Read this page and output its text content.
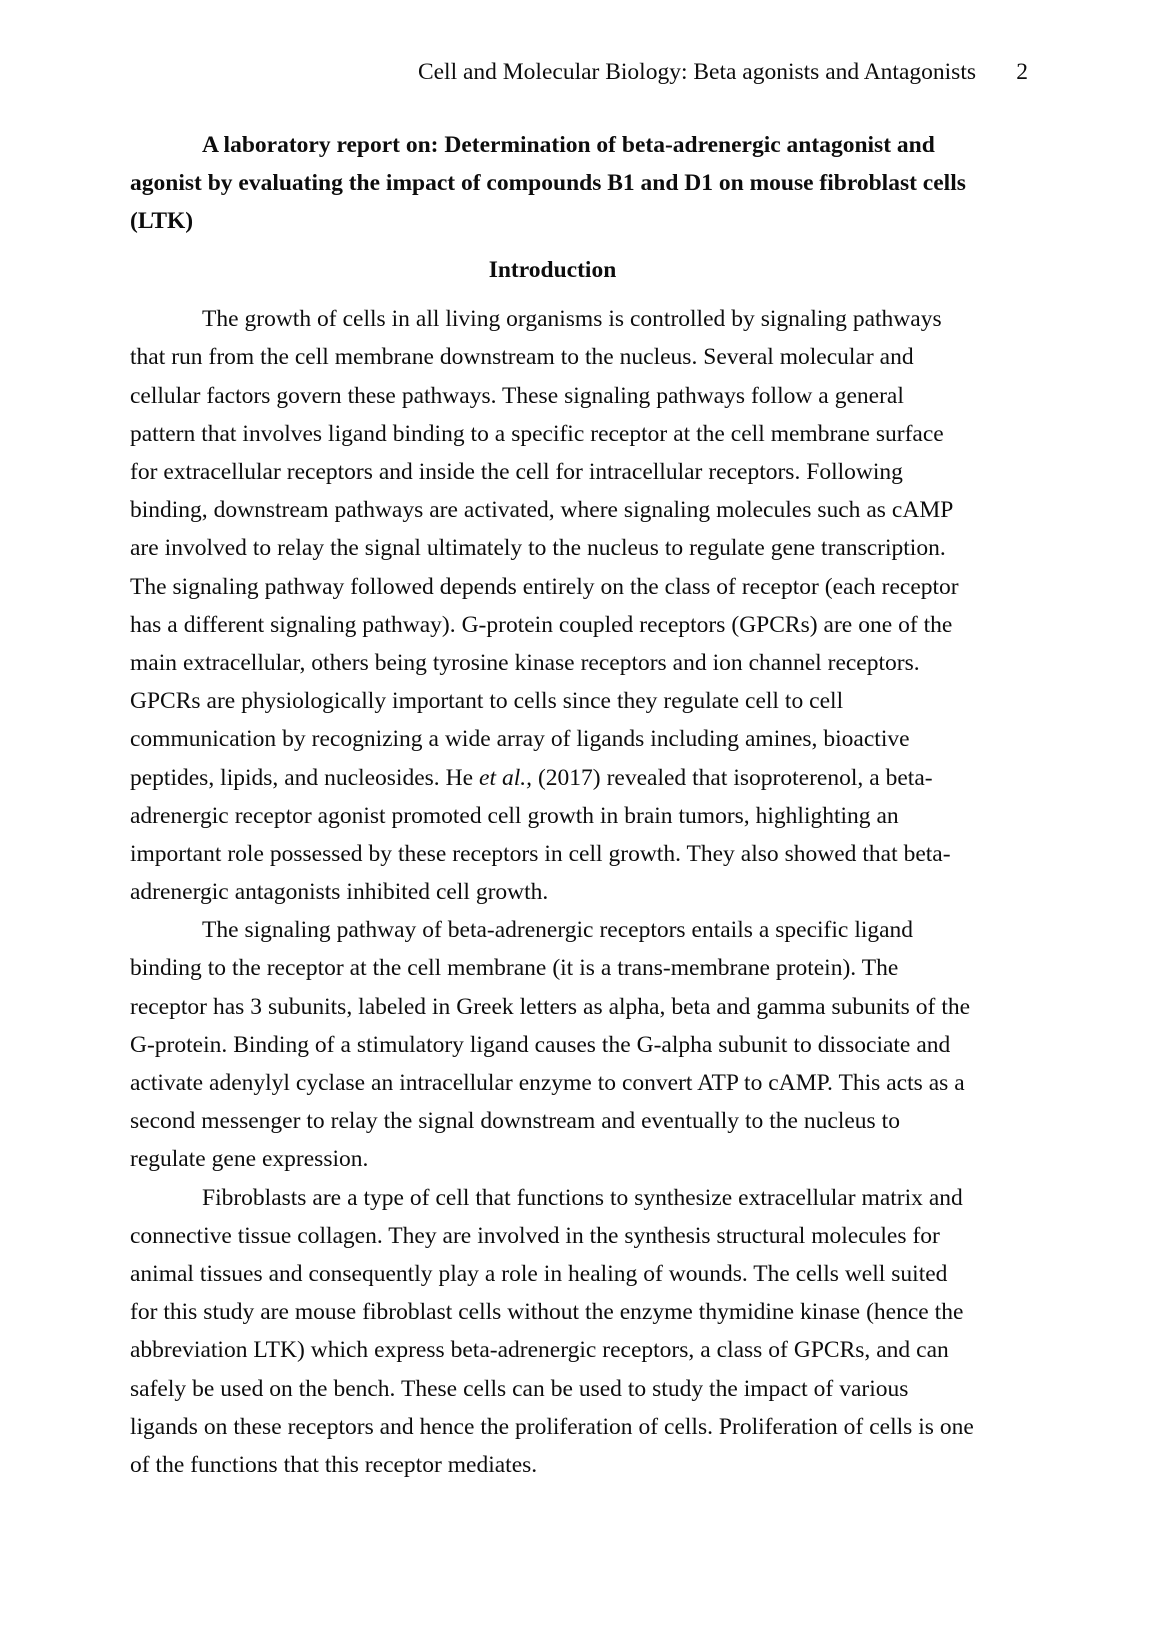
Cell and Molecular Biology: Beta agonists and Antagonists 2

A laboratory report on: Determination of beta-adrenergic antagonist and agonist by evaluating the impact of compounds B1 and D1 on mouse fibroblast cells (LTK)

Introduction

The growth of cells in all living organisms is controlled by signaling pathways that run from the cell membrane downstream to the nucleus. Several molecular and cellular factors govern these pathways. These signaling pathways follow a general pattern that involves ligand binding to a specific receptor at the cell membrane surface for extracellular receptors and inside the cell for intracellular receptors. Following binding, downstream pathways are activated, where signaling molecules such as cAMP are involved to relay the signal ultimately to the nucleus to regulate gene transcription. The signaling pathway followed depends entirely on the class of receptor (each receptor has a different signaling pathway). G-protein coupled receptors (GPCRs) are one of the main extracellular, others being tyrosine kinase receptors and ion channel receptors. GPCRs are physiologically important to cells since they regulate cell to cell communication by recognizing a wide array of ligands including amines, bioactive peptides, lipids, and nucleosides. He et al., (2017) revealed that isoproterenol, a beta-adrenergic receptor agonist promoted cell growth in brain tumors, highlighting an important role possessed by these receptors in cell growth. They also showed that beta-adrenergic antagonists inhibited cell growth.

The signaling pathway of beta-adrenergic receptors entails a specific ligand binding to the receptor at the cell membrane (it is a trans-membrane protein). The receptor has 3 subunits, labeled in Greek letters as alpha, beta and gamma subunits of the G-protein. Binding of a stimulatory ligand causes the G-alpha subunit to dissociate and activate adenylyl cyclase an intracellular enzyme to convert ATP to cAMP. This acts as a second messenger to relay the signal downstream and eventually to the nucleus to regulate gene expression.

Fibroblasts are a type of cell that functions to synthesize extracellular matrix and connective tissue collagen. They are involved in the synthesis structural molecules for animal tissues and consequently play a role in healing of wounds. The cells well suited for this study are mouse fibroblast cells without the enzyme thymidine kinase (hence the abbreviation LTK) which express beta-adrenergic receptors, a class of GPCRs, and can safely be used on the bench. These cells can be used to study the impact of various ligands on these receptors and hence the proliferation of cells. Proliferation of cells is one of the functions that this receptor mediates.
